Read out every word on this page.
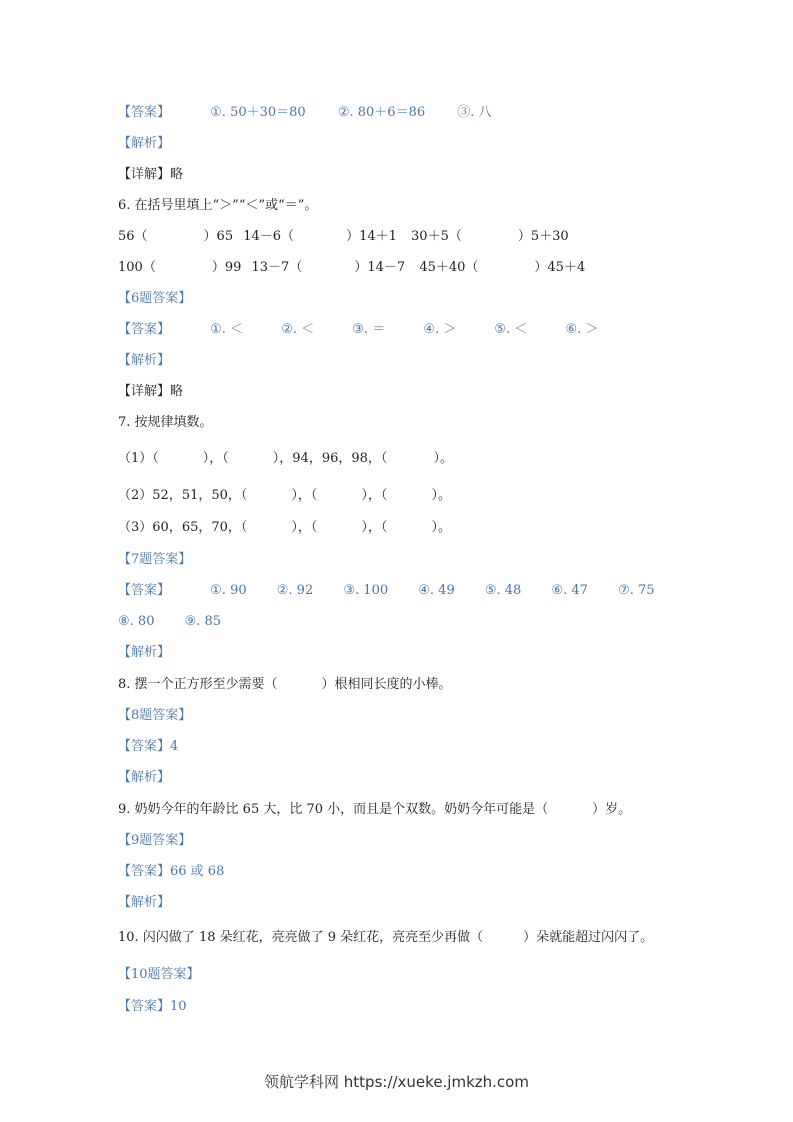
【答案】	①. 50＋30＝80 ②. 80＋6＝86 ③. 八
【解析】
【详解】略
6. 在括号里填上“＞”“＜”或“＝”。
56（	）65 14－6（	）14＋1 30＋5（	）5＋30
100（	）99 13－7（	）14－7 45＋40（	）45＋4
【6题答案】
【答案】	①. ＜	②. ＜	③. ＝	④. ＞	⑤. ＜	⑥. ＞
【解析】
【详解】略
7. 按规律填数。
（1）（	），（	），94，96，98，（	）。
（2）52，51，50，（	），（	），（	）。
（3）60，65，70，（	），（	），（	）。
【7题答案】
【答案】	①. 90 ②. 92 ③. 100 ④. 49 ⑤. 48 ⑥. 47 ⑦. 75
⑧. 80 ⑨. 85
【解析】
8. 摆一个正方形至少需要（	）根相同长度的小棒。
【8题答案】
【答案】4
【解析】
9. 奶奶今年的年龄比 65 大，比 70 小，而且是个双数。奶奶今年可能是（	）岁。
【9题答案】
【答案】66 或 68
【解析】
10. 闪闪做了 18 朵红花，亮亮做了 9 朵红花，亮亮至少再做（	）朵就能超过闪闪了。
【10题答案】
【答案】10
领航学科网 https://xueke.jmkzh.com
